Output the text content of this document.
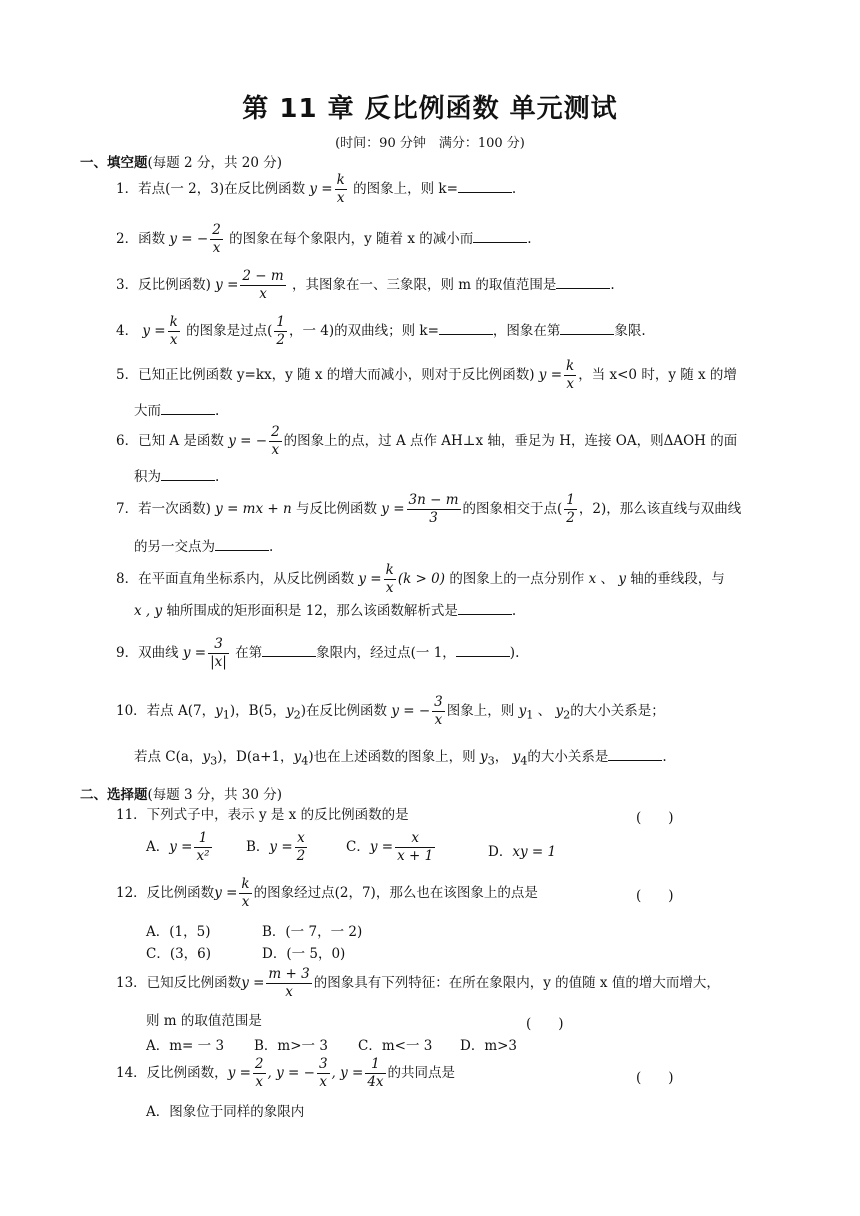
第 11 章 反比例函数 单元测试
(时间：90 分钟　满分：100 分)
一、填空题(每题 2 分，共 20 分)
1．若点(一 2，3)在反比例函数 $y = \frac{k}{x}$ 的图象上，则 k=	.
2．函数 y = − $\frac{2}{x}$ 的图象在每个象限内，y 随着 x 的减小而	.
3．反比例函数) $y = \frac{2 - m}{x}$ ，其图象在一、三象限，则 m 的取值范围是	.
4． $y = \frac{k}{x}$ 的图象是过点( $\frac{1}{2}$ ，一 4)的双曲线；则 k=	，图象在第	象限.
5．已知正比例函数 y=kx，y 随 x 的增大而减小，则对于反比例函数) $y = \frac{k}{x}$ ，当 x<0 时，y 随 x 的增
大而	.
6．已知 A 是函数 y = − $\frac{2}{x}$ 的图象上的点，过 A 点作 AH⊥x 轴，垂足为 H，连接 OA，则ΔAOH 的面
积为	.
7．若一次函数) y = mx + n 与反比例函数 $y = \frac{3n - m}{3}$ 的图象相交于点( $\frac{1}{2}$ ，2)，那么该直线与双曲线
的另一交点为	.
8．在平面直角坐标系内，从反比例函数 $y = \frac{k}{x} (k > 0)$ 的图象上的一点分别作 x 、 y 轴的垂线段，与
x , y 轴所围成的矩形面积是 12，那么该函数解析式是	.
9．双曲线 $y = \frac{3}{|x|}$ 在第	象限内，经过点(一 1，	).
10．若点 A(7，$y_1$)，B(5，$y_2$)在反比例函数 y = − $\frac{3}{x}$ 图象上，则 $y_1$ 、 $y_2$的大小关系是；
若点 C(a，$y_3$)，D(a+1，$y_4$)也在上述函数的图象上，则 $y_3$， $y_4$的大小关系是	.
二、选择题(每题 3 分，共 30 分)
11．下列式子中，表示 y 是 x 的反比例函数的是	(　　)
A．$y = \frac{1}{\text{x²}}$	B．$y = \frac{x}{2}$	C．$y = \frac{x}{x + 1}$	D．xy = 1
12．反比例函数$y = \frac{k}{x}$ 的图象经过点(2，7)，那么也在该图象上的点是	(　　)
A．(1，5)	B．(一 7，一 2)
C．(3，6)	D．(一 5，0)
13．已知反比例函数$y = \frac{m + 3}{x}$ 的图象具有下列特征：在所在象限内，y 的值随 x 值的增大而增大，
则 m 的取值范围是	(　　)
A．m= 一 3 B．m>一 3 C．m<一 3 D．m>3
14．反比例函数，$y = \frac{2}{x}$ , y = − $\frac{3}{x}$ , $y = \frac{1}{4x}$ 的共同点是	(　　)
A．图象位于同样的象限内
